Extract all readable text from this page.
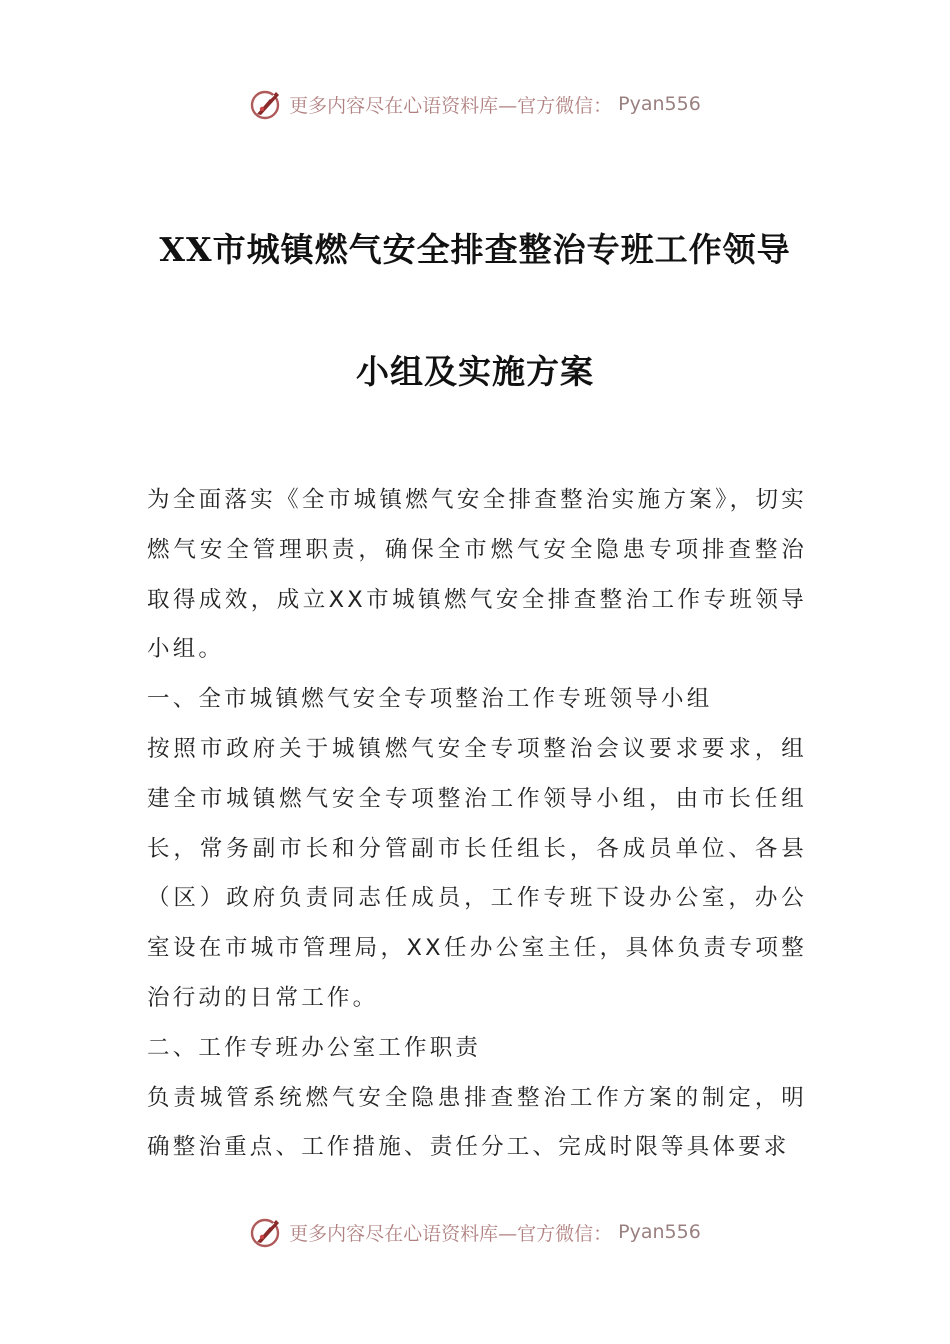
更多内容尽在心语资料库—官方微信： Pyan556
XX市城镇燃气安全排查整治专班工作领导
小组及实施方案

为全面落实《全市城镇燃气安全排查整治实施方案》，切实燃气安全管理职责，确保全市燃气安全隐患专项排查整治取得成效，成立XX市城镇燃气安全排查整治工作专班领导小组。

一、全市城镇燃气安全专项整治工作专班领导小组

按照市政府关于城镇燃气安全专项整治会议要求要求，组建全市城镇燃气安全专项整治工作领导小组，由市长任组长，常务副市长和分管副市长任组长，各成员单位、各县（区）政府负责同志任成员，工作专班下设办公室，办公室设在市城市管理局，XX任办公室主任，具体负责专项整治行动的日常工作。

二、工作专班办公室工作职责

负责城管系统燃气安全隐患排查整治工作方案的制定，明确整治重点、工作措施、责任分工、完成时限等具体要求

更多内容尽在心语资料库—官方微信： Pyan556
